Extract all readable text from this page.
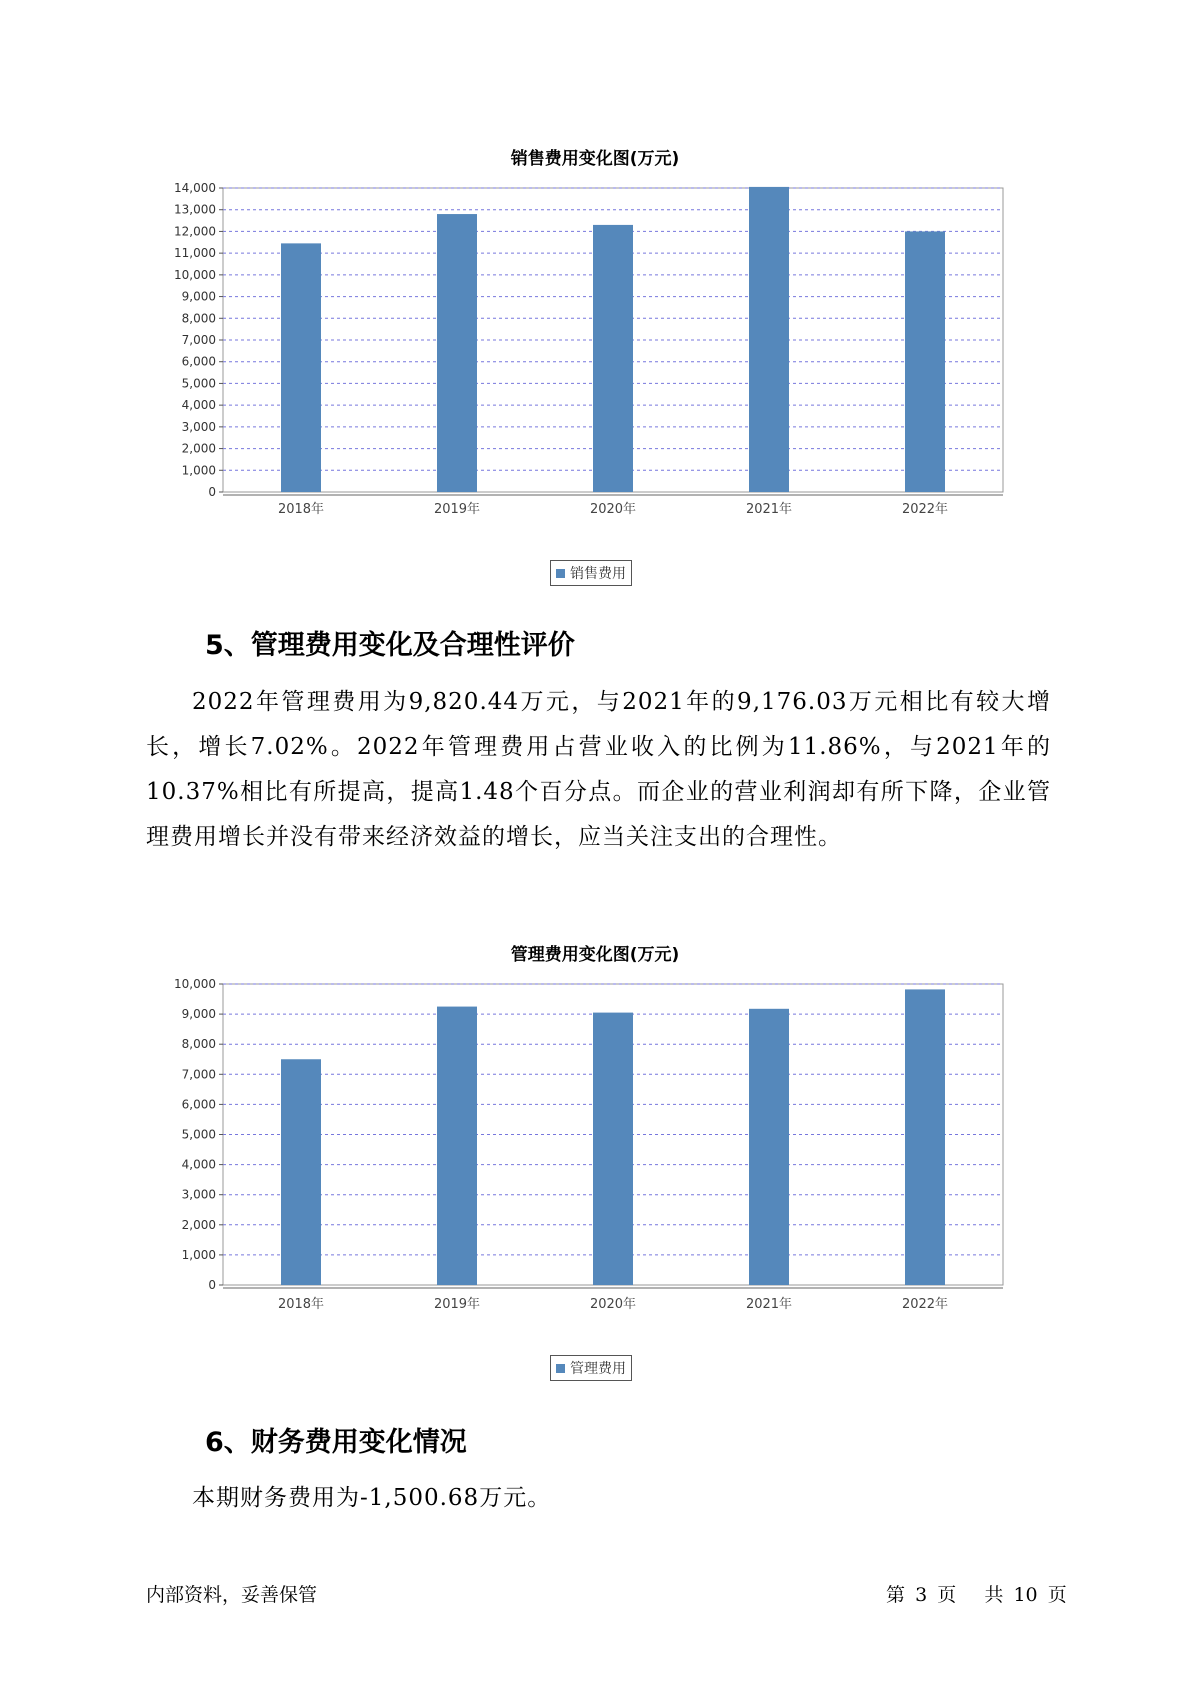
销售费用变化图(万元)
0
1,000
2,000
3,000
4,000
5,000
6,000
7,000
8,000
9,000
10,000
11,000
12,000
13,000
14,000
2018年	2019年	2020年	2021年	2022年
销售费用
5、管理费用变化及合理性评价
2022年管理费用为9,820.44万元，与2021年的9,176.03万元相比有较大增长，增长7.02%。2022年管理费用占营业收入的比例为11.86%，与2021年的10.37%相比有所提高，提高1.48个百分点。而企业的营业利润却有所下降，企业管理费用增长并没有带来经济效益的增长，应当关注支出的合理性。
管理费用变化图(万元)
0
1,000
2,000
3,000
4,000
5,000
6,000
7,000
8,000
9,000
10,000
2018年	2019年	2020年	2021年	2022年
管理费用
6、财务费用变化情况
本期财务费用为-1,500.68万元。
内部资料，妥善保管	第 3 页 共 10 页
